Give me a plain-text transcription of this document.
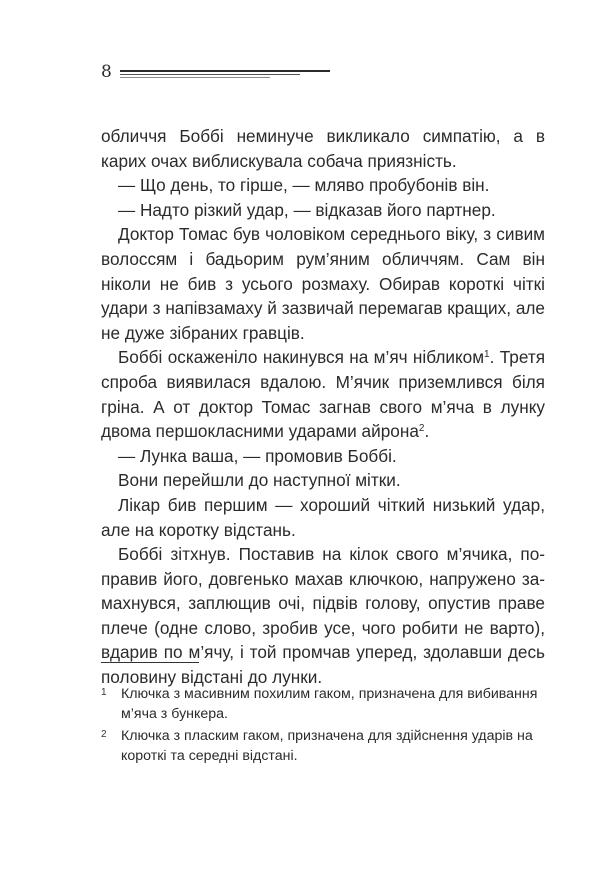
8

обличчя Боббі неминуче викликало симпатію, а в карих очах виблискувала собача приязність.

— Що день, то гірше, — мляво пробубонів він.

— Надто різкий удар, — відказав його партнер.

Доктор Томас був чоловіком середнього віку, з сивим волоссям і бадьорим рум’яним обличчям. Сам він ніколи не бив з усього розмаху. Обирав короткі чіткі удари з напівзамаху й зазвичай перемагав кращих, але не дуже зібраних гравців.

Боббі оскаженіло накинувся на м’яч нібликом$^1$. Третя спроба виявилася вдалою. М’ячик приземлився біля гріна. А от доктор Томас загнав свого м’яча в лунку двома першокласними ударами айрона$^2$.

— Лунка ваша, — промовив Боббі.

Вони перейшли до наступної мітки.

Лікар бив першим — хороший чіткий низький удар, але на коротку відстань.

Боббі зітхнув. Поставив на кілок свого м’ячика, поправив його, довгенько махав ключкою, напружено замахнувся, заплющив очі, підвів голову, опустив праве плече (одне слово, зробив усе, чого робити не варто), вдарив по м’ячу, і той промчав уперед, здолавши десь половину відстані до лунки.

1	Ключка з масивним похилим гаком, призначена для вибивання м’яча з бункера.
2	Ключка з пласким гаком, призначена для здійснення ударів на короткі та середні відстані.
